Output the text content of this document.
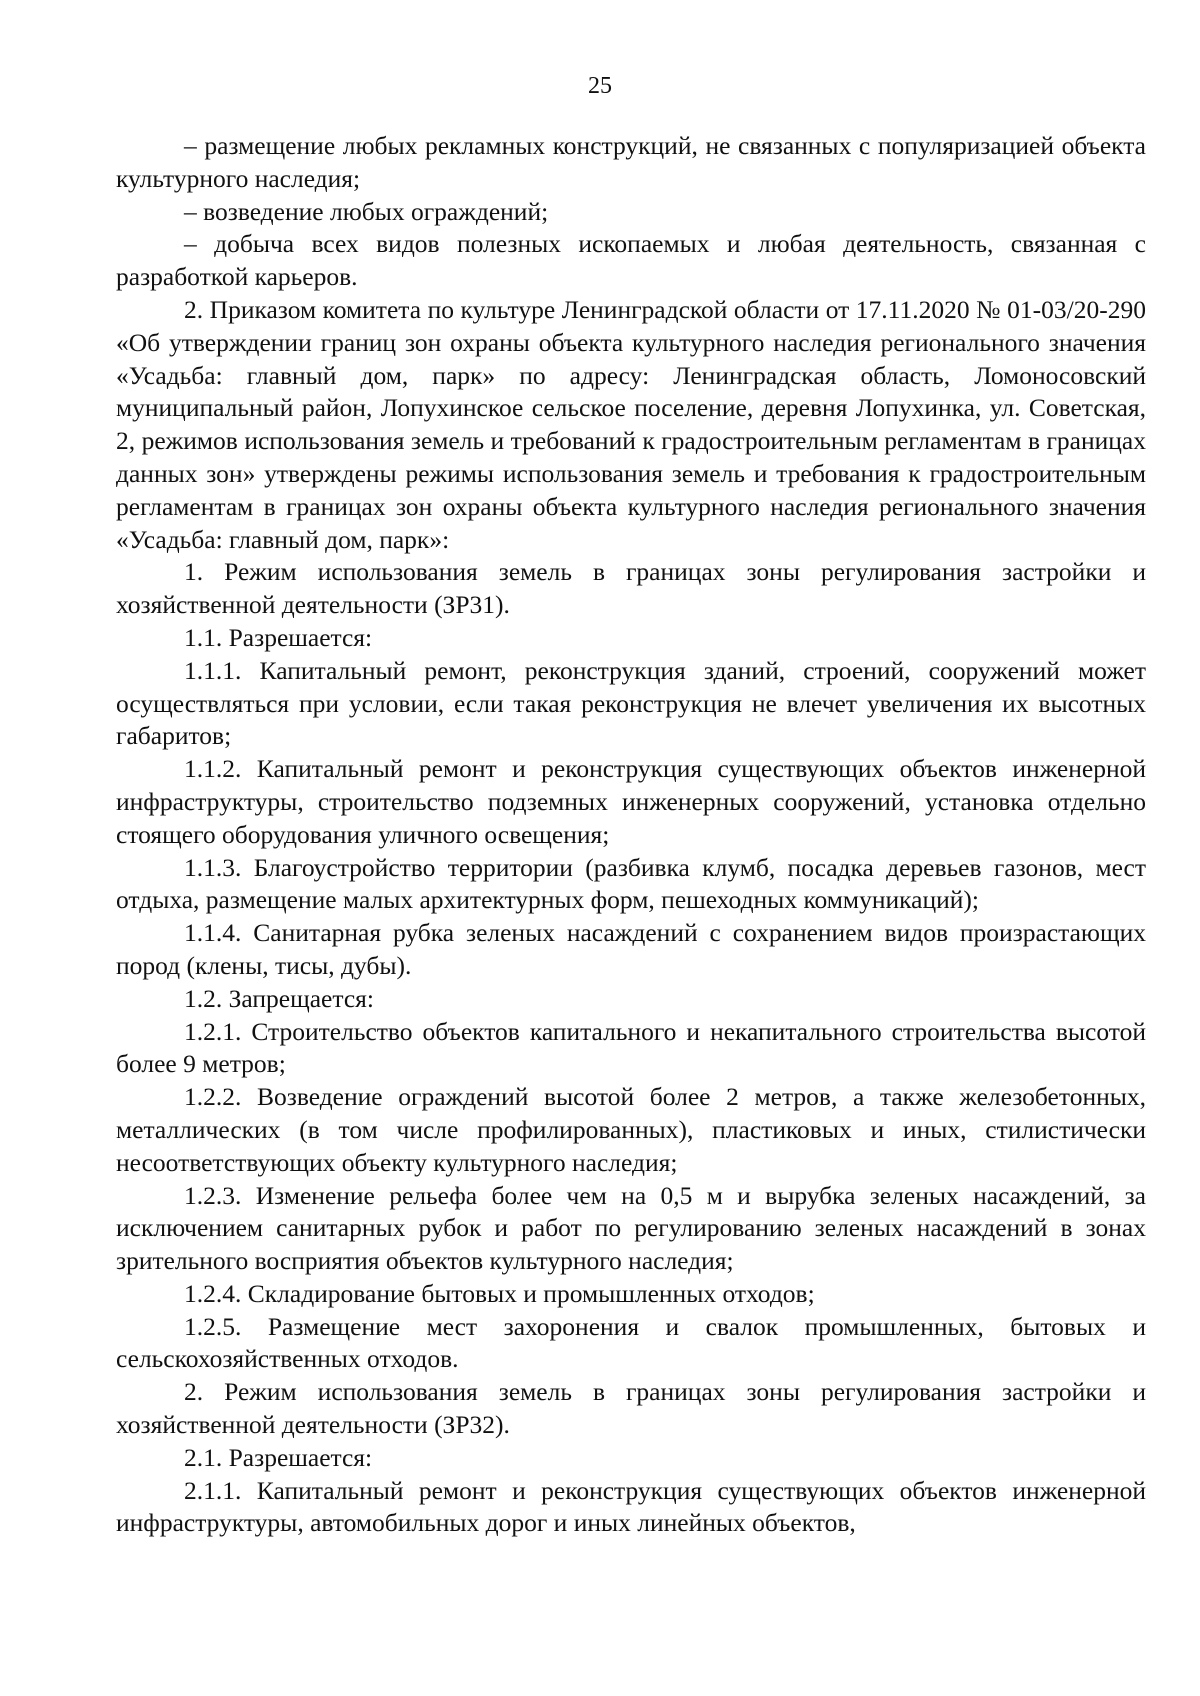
25

– размещение любых рекламных конструкций, не связанных с популяризацией объекта культурного наследия;

– возведение любых ограждений;

– добыча всех видов полезных ископаемых и любая деятельность, связанная с разработкой карьеров.

2. Приказом комитета по культуре Ленинградской области от 17.11.2020 № 01-03/20-290 «Об утверждении границ зон охраны объекта культурного наследия регионального значения «Усадьба: главный дом, парк» по адресу: Ленинградская область, Ломоносовский муниципальный район, Лопухинское сельское поселение, деревня Лопухинка, ул. Советская, 2, режимов использования земель и требований к градостроительным регламентам в границах данных зон» утверждены режимы использования земель и требования к градостроительным регламентам в границах зон охраны объекта культурного наследия регионального значения «Усадьба: главный дом, парк»:

1. Режим использования земель в границах зоны регулирования застройки и хозяйственной деятельности (ЗР31).

1.1. Разрешается:

1.1.1. Капитальный ремонт, реконструкция зданий, строений, сооружений может осуществляться при условии, если такая реконструкция не влечет увеличения их высотных габаритов;

1.1.2. Капитальный ремонт и реконструкция существующих объектов инженерной инфраструктуры, строительство подземных инженерных сооружений, установка отдельно стоящего оборудования уличного освещения;

1.1.3. Благоустройство территории (разбивка клумб, посадка деревьев газонов, мест отдыха, размещение малых архитектурных форм, пешеходных коммуникаций);

1.1.4. Санитарная рубка зеленых насаждений с сохранением видов произрастающих пород (клены, тисы, дубы).

1.2. Запрещается:

1.2.1. Строительство объектов капитального и некапитального строительства высотой более 9 метров;

1.2.2. Возведение ограждений высотой более 2 метров, а также железобетонных, металлических (в том числе профилированных), пластиковых и иных, стилистически несоответствующих объекту культурного наследия;

1.2.3. Изменение рельефа более чем на 0,5 м и вырубка зеленых насаждений, за исключением санитарных рубок и работ по регулированию зеленых насаждений в зонах зрительного восприятия объектов культурного наследия;

1.2.4. Складирование бытовых и промышленных отходов;

1.2.5. Размещение мест захоронения и свалок промышленных, бытовых и сельскохозяйственных отходов.

2. Режим использования земель в границах зоны регулирования застройки и хозяйственной деятельности (ЗР32).

2.1. Разрешается:

2.1.1. Капитальный ремонт и реконструкция существующих объектов инженерной инфраструктуры, автомобильных дорог и иных линейных объектов,
